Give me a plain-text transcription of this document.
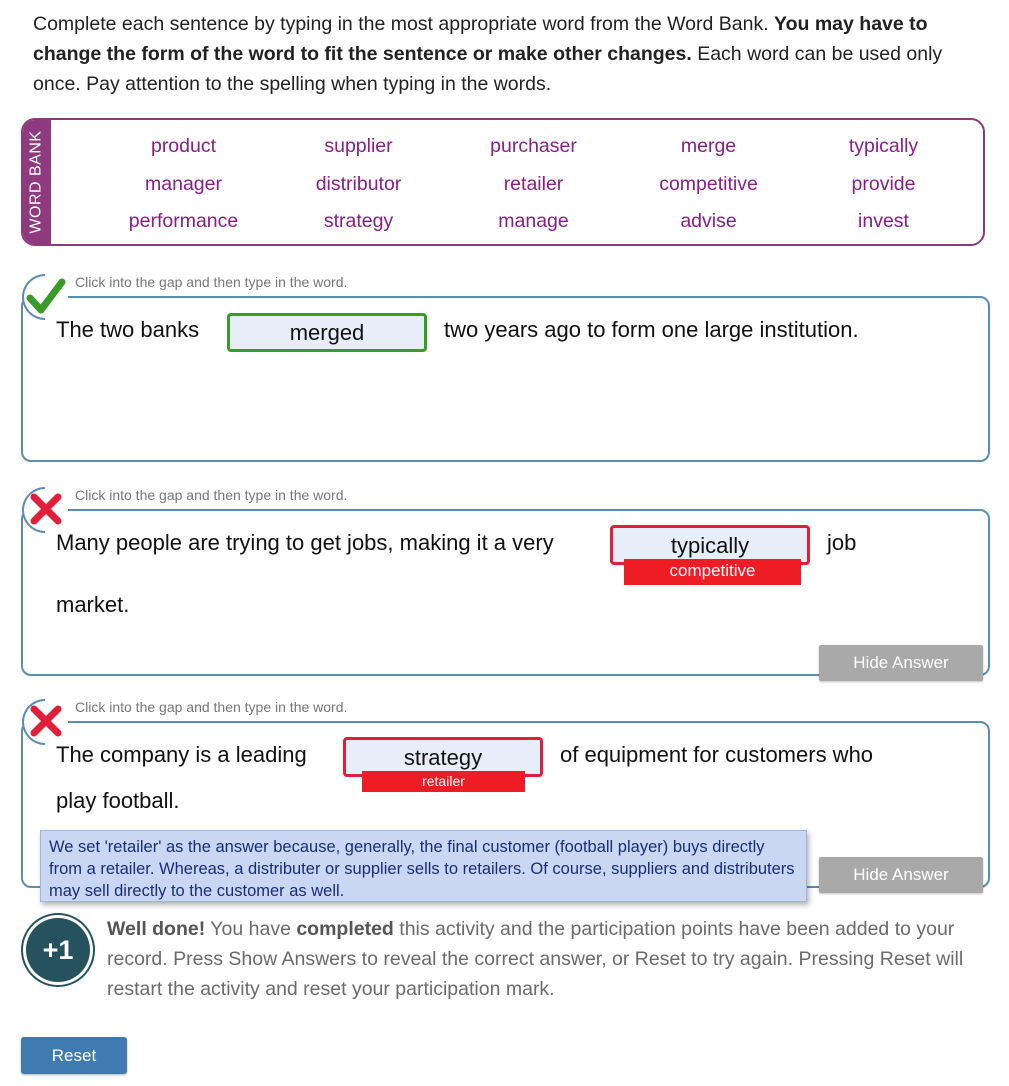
Complete each sentence by typing in the most appropriate word from the Word Bank. You may have to change the form of the word to fit the sentence or make other changes. Each word can be used only once. Pay attention to the spelling when typing in the words.
WORD BANK	product	supplier	purchaser	merge	typically
manager	distributor	retailer	competitive	provide
performance	strategy	manage	advise	invest
Click into the gap and then type in the word.
The two banks	merged	two years ago to form one large institution.
Click into the gap and then type in the word.
Many people are trying to get jobs, making it a very	typically
competitive
job
market.
Hide Answer
Click into the gap and then type in the word.
The company is a leading	strategy
retailer
of equipment for customers who
play football.
Hide Answer
We set 'retailer' as the answer because, generally, the final customer (football player) buys directly from a retailer. Whereas, a distributer or supplier sells to retailers. Of course, suppliers and distributers may sell directly to the customer as well.
+1
Well done! You have completed this activity and the participation points have been added to your record. Press Show Answers to reveal the correct answer, or Reset to try again. Pressing Reset will restart the activity and reset your participation mark.
Reset
